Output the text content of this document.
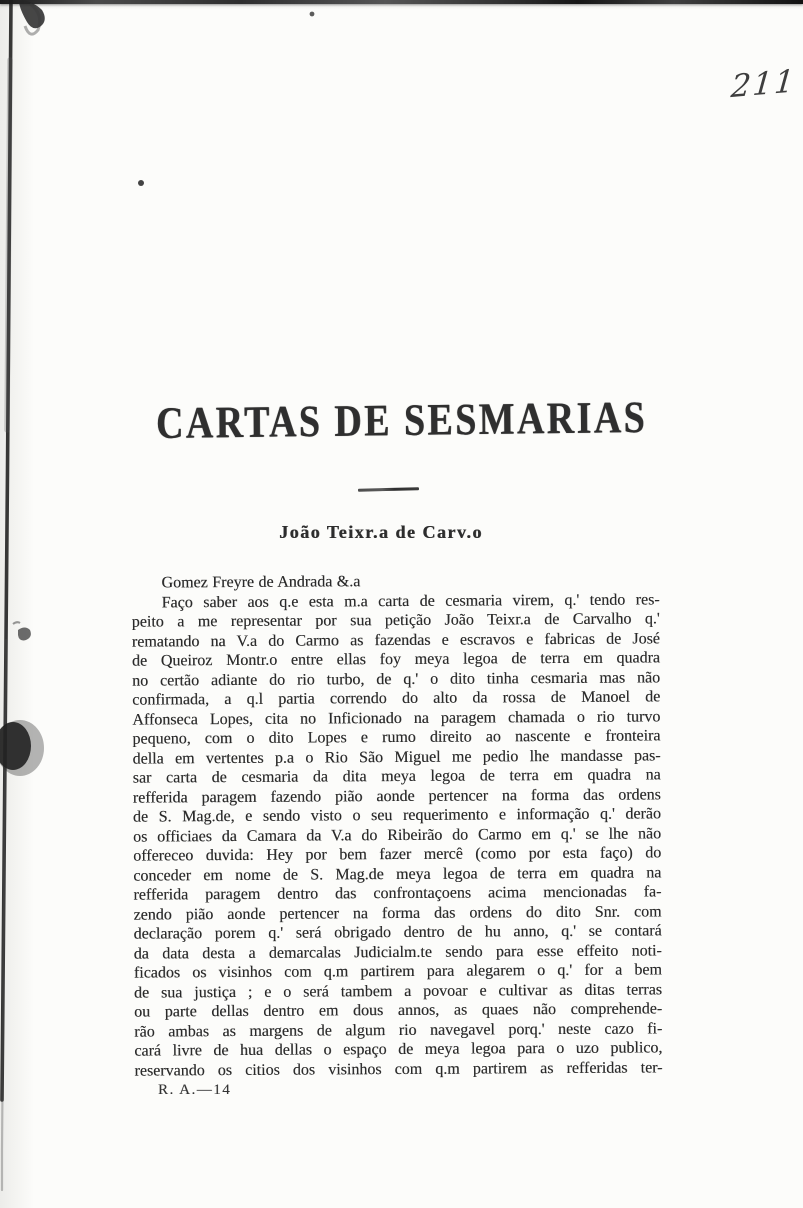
211
CARTAS DE SESMARIAS
João Teixr.a de Carv.o
Gomez Freyre de Andrada &.a
Faço saber aos q.e esta m.a carta de cesmaria virem, q.' tendo res-
peito a me representar por sua petição João Teixr.a de Carvalho q.'
rematando na V.a do Carmo as fazendas e escravos e fabricas de José
de Queiroz Montr.o entre ellas foy meya legoa de terra em quadra
no certão adiante do rio turbo, de q.' o dito tinha cesmaria mas não
confirmada, a q.l partia correndo do alto da rossa de Manoel de
Affonseca Lopes, cita no Inficionado na paragem chamada o rio turvo
pequeno, com o dito Lopes e rumo direito ao nascente e fronteira
della em vertentes p.a o Rio São Miguel me pedio lhe mandasse pas-
sar carta de cesmaria da dita meya legoa de terra em quadra na
refferida paragem fazendo pião aonde pertencer na forma das ordens
de S. Mag.de, e sendo visto o seu requerimento e informação q.' derão
os officiaes da Camara da V.a do Ribeirão do Carmo em q.' se lhe não
offereceo duvida: Hey por bem fazer mercê (como por esta faço) do
conceder em nome de S. Mag.de meya legoa de terra em quadra na
refferida paragem dentro das confrontaçoens acima mencionadas fa-
zendo pião aonde pertencer na forma das ordens do dito Snr. com
declaração porem q.' será obrigado dentro de hu anno, q.' se contará
da data desta a demarcalas Judicialm.te sendo para esse effeito noti-
ficados os visinhos com q.m partirem para alegarem o q.' for a bem
de sua justiça ; e o será tambem a povoar e cultivar as ditas terras
ou parte dellas dentro em dous annos, as quaes não comprehende-
rão ambas as margens de algum rio navegavel porq.' neste cazo fi-
cará livre de hua dellas o espaço de meya legoa para o uzo publico,
reservando os citios dos visinhos com q.m partirem as refferidas ter-
R. A.—14
